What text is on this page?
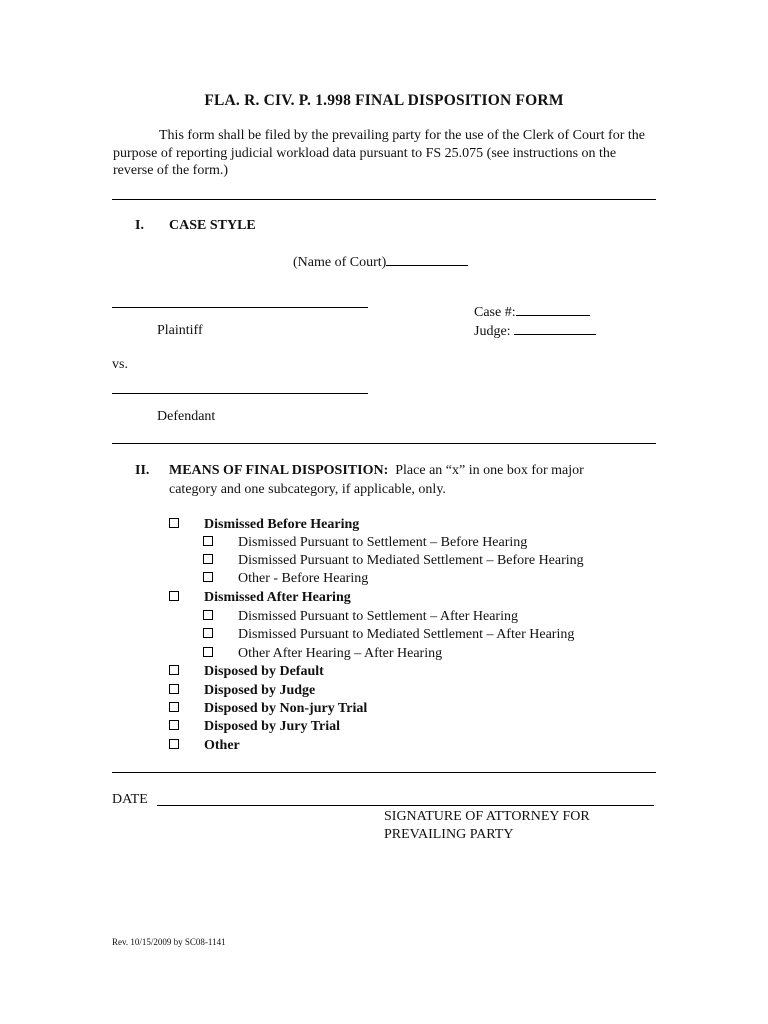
FLA. R. CIV. P. 1.998 FINAL DISPOSITION FORM
This form shall be filed by the prevailing party for the use of the Clerk of Court for the purpose of reporting judicial workload data pursuant to FS 25.075 (see instructions on the reverse of the form.)
I. CASE STYLE
(Name of Court)
Plaintiff
Case #:
Judge:
vs.
Defendant
II. MEANS OF FINAL DISPOSITION: Place an “x” in one box for major
category and one subcategory, if applicable, only.
Dismissed Before Hearing
Dismissed Pursuant to Settlement – Before Hearing
Dismissed Pursuant to Mediated Settlement – Before Hearing
Other - Before Hearing
Dismissed After Hearing
Dismissed Pursuant to Settlement – After Hearing
Dismissed Pursuant to Mediated Settlement – After Hearing
Other After Hearing – After Hearing
Disposed by Default
Disposed by Judge
Disposed by Non-jury Trial
Disposed by Jury Trial
Other
DATE
SIGNATURE OF ATTORNEY FOR
PREVAILING PARTY
Rev. 10/15/2009 by SC08-1141
